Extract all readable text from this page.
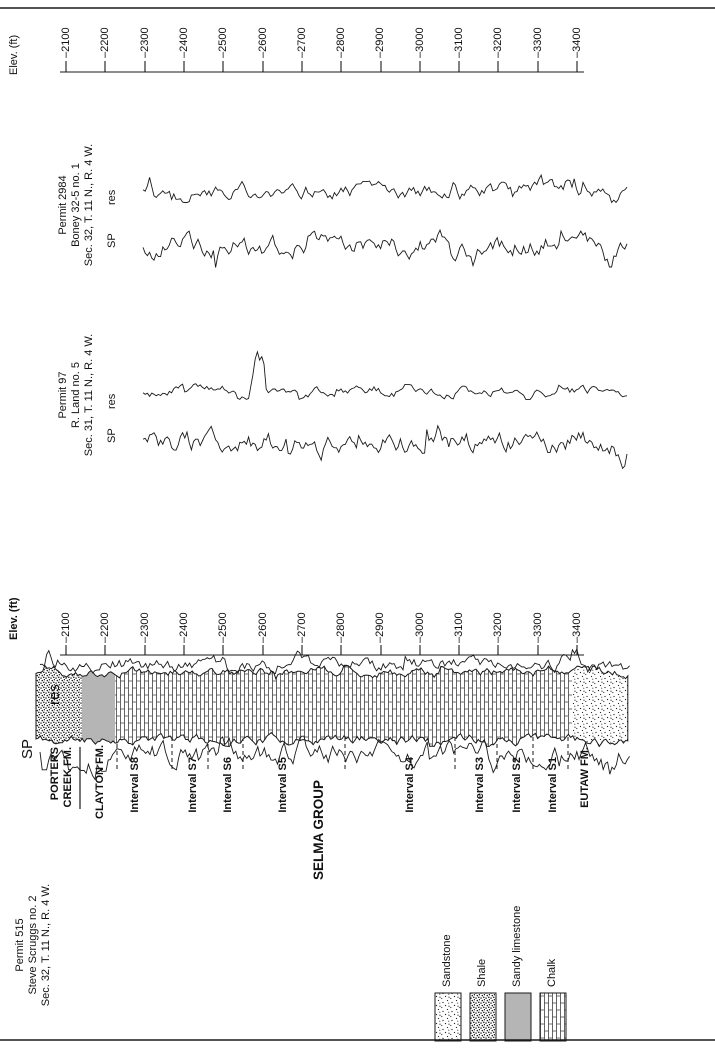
Elev. (ft)	–2100 –2200	–2300 –2400 –2500	–2600 –2700 –2800 –2900	–3000 –3100 –3200	–3300 –3400
Elev. (ft)	–2100 –2200	–2300 –2400 –2500	–2600 –2700 –2800 –2900	–3000 –3100 –3200	–3300 –3400
Permit 2984 Boney 32-5 no. 1 Sec. 32, T. 11 N., R. 4 W.
Permit 97 R. Land no. 5 Sec. 31, T. 11 N., R. 4 W.
Permit 515 Steve Scruggs no. 2 Sec. 32, T. 11 N., R. 4 W.
SP
res
SP
res
SP
res
PORTERS CREEK FM. CLAYTON FM. Interval S8	Interval S7 Interval S6	Interval S5 SELMA GROUP	Interval S4	Interval S3 Interval S2 Interval S1 EUTAW FM.
Sandstone Shale Sandy limestone Chalk
